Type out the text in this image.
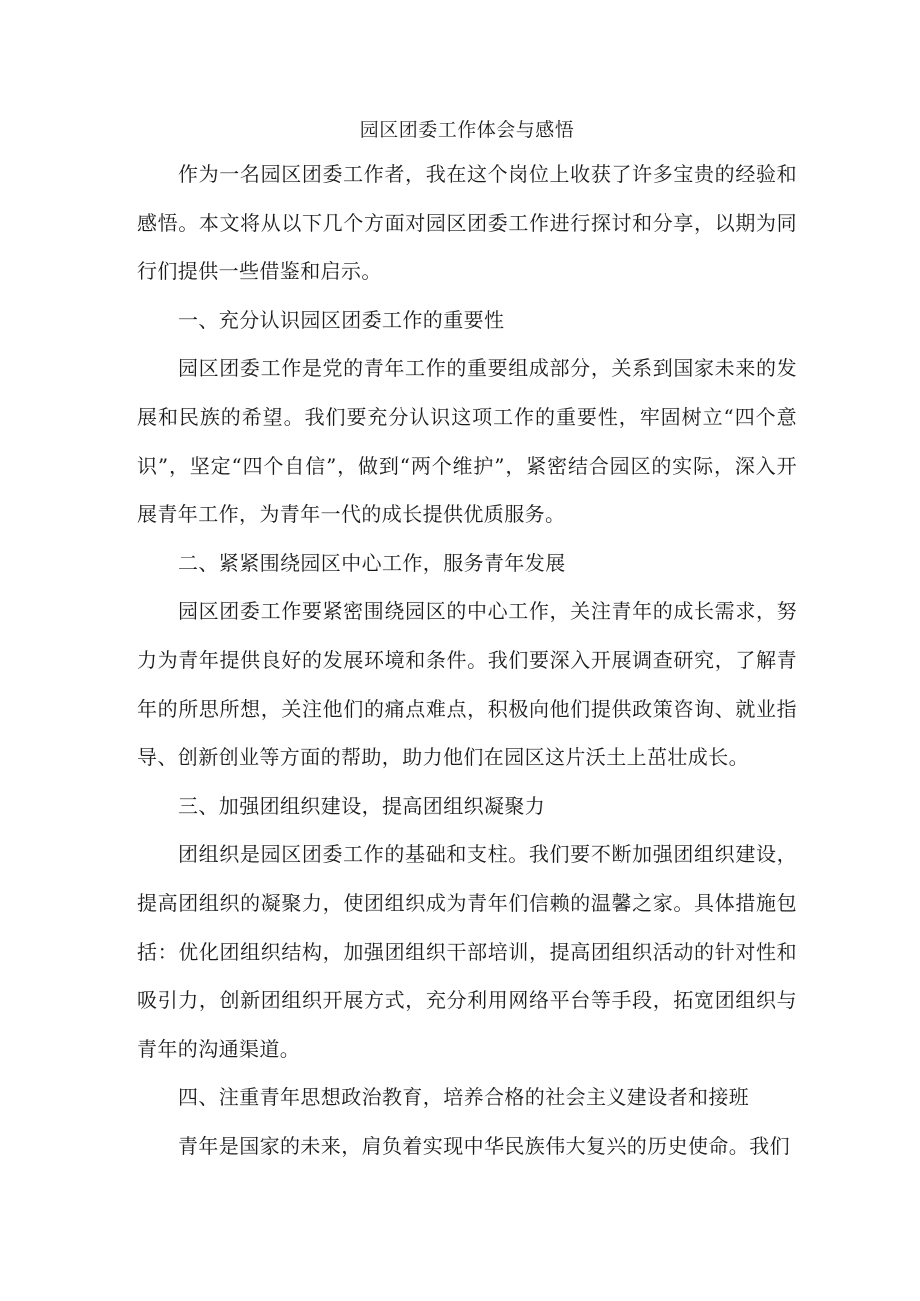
园区团委工作体会与感悟

作为一名园区团委工作者，我在这个岗位上收获了许多宝贵的经验和感悟。本文将从以下几个方面对园区团委工作进行探讨和分享，以期为同行们提供一些借鉴和启示。

一、充分认识园区团委工作的重要性

园区团委工作是党的青年工作的重要组成部分，关系到国家未来的发展和民族的希望。我们要充分认识这项工作的重要性，牢固树立“四个意识”，坚定“四个自信”，做到“两个维护”，紧密结合园区的实际，深入开展青年工作，为青年一代的成长提供优质服务。

二、紧紧围绕园区中心工作，服务青年发展

园区团委工作要紧密围绕园区的中心工作，关注青年的成长需求，努力为青年提供良好的发展环境和条件。我们要深入开展调查研究，了解青年的所思所想，关注他们的痛点难点，积极向他们提供政策咨询、就业指导、创新创业等方面的帮助，助力他们在园区这片沃土上茁壮成长。

三、加强团组织建设，提高团组织凝聚力

团组织是园区团委工作的基础和支柱。我们要不断加强团组织建设，提高团组织的凝聚力，使团组织成为青年们信赖的温馨之家。具体措施包括：优化团组织结构，加强团组织干部培训，提高团组织活动的针对性和吸引力，创新团组织开展方式，充分利用网络平台等手段，拓宽团组织与青年的沟通渠道。

四、注重青年思想政治教育，培养合格的社会主义建设者和接班

青年是国家的未来，肩负着实现中华民族伟大复兴的历史使命。我们
